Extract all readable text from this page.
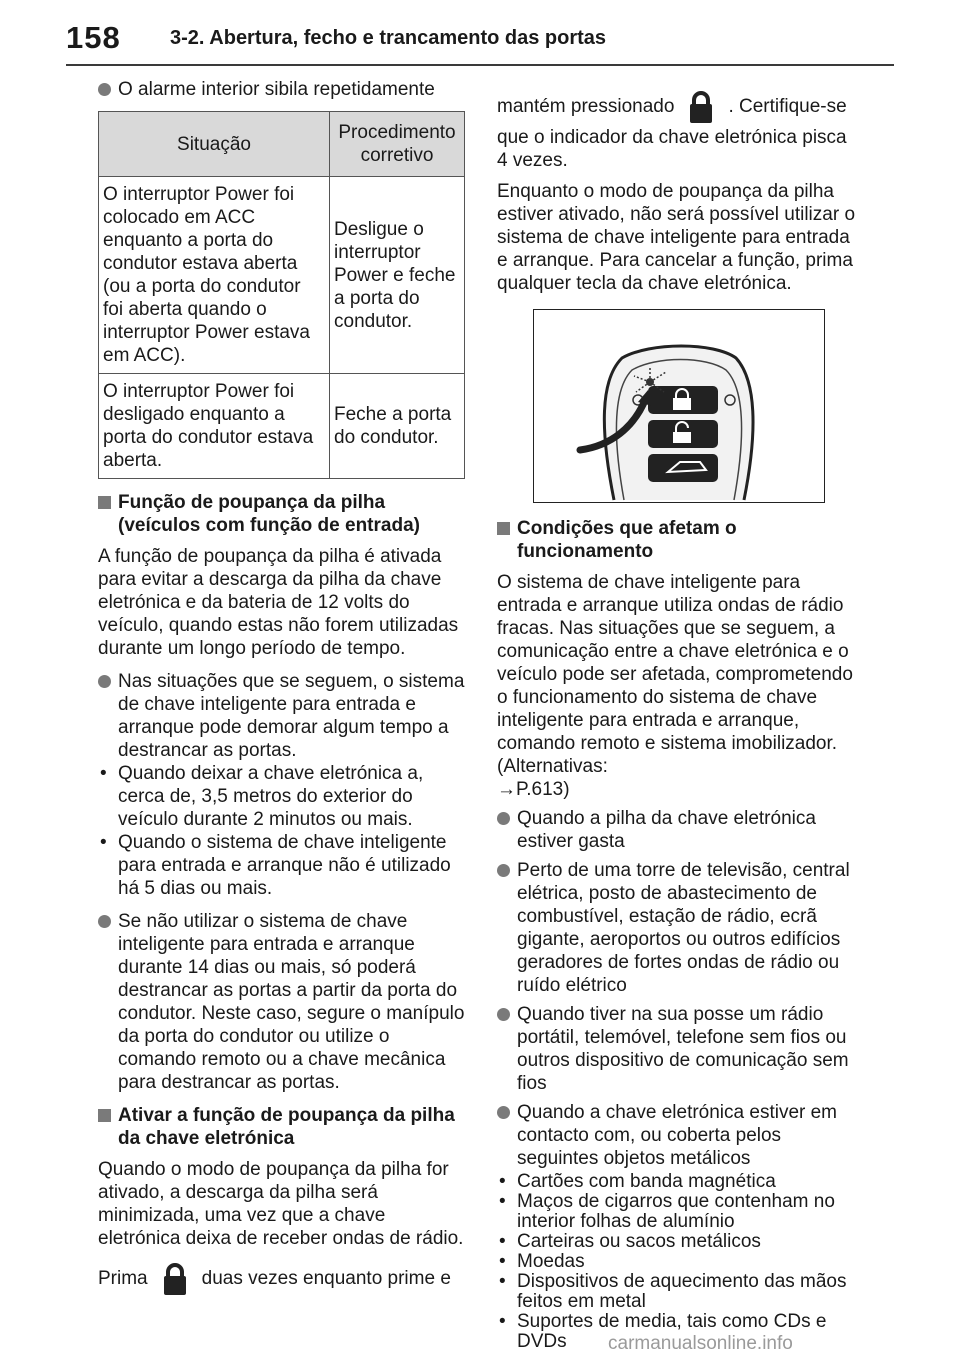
158 3-2. Abertura, fecho e trancamento das portas

O alarme interior sibila repetidamente

Situação	Procedimento
corretivo
O interruptor Power foi colocado em ACC enquanto a porta do condutor estava aberta (ou a porta do condutor foi aberta quando o interruptor Power estava em ACC).	Desligue o interruptor Power e feche a porta do condutor.
O interruptor Power foi desligado enquanto a porta do condutor estava aberta.	Feche a porta do condutor.

Função de poupança da pilha (veículos com função de entrada)

A função de poupança da pilha é ativada para evitar a descarga da pilha da chave eletrónica e da bateria de 12 volts do veículo, quando estas não forem utilizadas durante um longo período de tempo.

Nas situações que se seguem, o sistema de chave inteligente para entrada e arranque pode demorar algum tempo a destrancar as portas.

• Quando deixar a chave eletrónica a, cerca de, 3,5 metros do exterior do veículo durante 2 minutos ou mais.

• Quando o sistema de chave inteligente para entrada e arranque não é utilizado há 5 dias ou mais.

Se não utilizar o sistema de chave inteligente para entrada e arranque durante 14 dias ou mais, só poderá destrancar as portas a partir da porta do condutor. Neste caso, segure o manípulo da porta do condutor ou utilize o comando remoto ou a chave mecânica para destrancar as portas.

Ativar a função de poupança da pilha da chave eletrónica

Quando o modo de poupança da pilha for ativado, a descarga da pilha será minimizada, uma vez que a chave eletrónica deixa de receber ondas de rádio.

Prima	duas vezes enquanto prime e

mantém pressionado	. Certifique-se que o indicador da chave eletrónica pisca 4 vezes.

Enquanto o modo de poupança da pilha estiver ativado, não será possível utilizar o sistema de chave inteligente para entrada e arranque. Para cancelar a função, prima qualquer tecla da chave eletrónica.

Condições que afetam o funcionamento

O sistema de chave inteligente para entrada e arranque utiliza ondas de rádio fracas. Nas situações que se seguem, a comunicação entre a chave eletrónica e o veículo pode ser afetada, comprometendo o funcionamento do sistema de chave inteligente para entrada e arranque, comando remoto e sistema imobilizador. (Alternativas:
→P.613)

Quando a pilha da chave eletrónica estiver gasta

Perto de uma torre de televisão, central elétrica, posto de abastecimento de combustível, estação de rádio, ecrã gigante, aeroportos ou outros edifícios geradores de fortes ondas de rádio ou ruído elétrico

Quando tiver na sua posse um rádio portátil, telemóvel, telefone sem fios ou outros dispositivo de comunicação sem fios

Quando a chave eletrónica estiver em contacto com, ou coberta pelos seguintes objetos metálicos

• Cartões com banda magnética

• Maços de cigarros que contenham no interior folhas de alumínio

• Carteiras ou sacos metálicos

• Moedas

• Dispositivos de aquecimento das mãos feitos em metal

• Suportes de media, tais como CDs e DVDs	carmanualsonline.info
